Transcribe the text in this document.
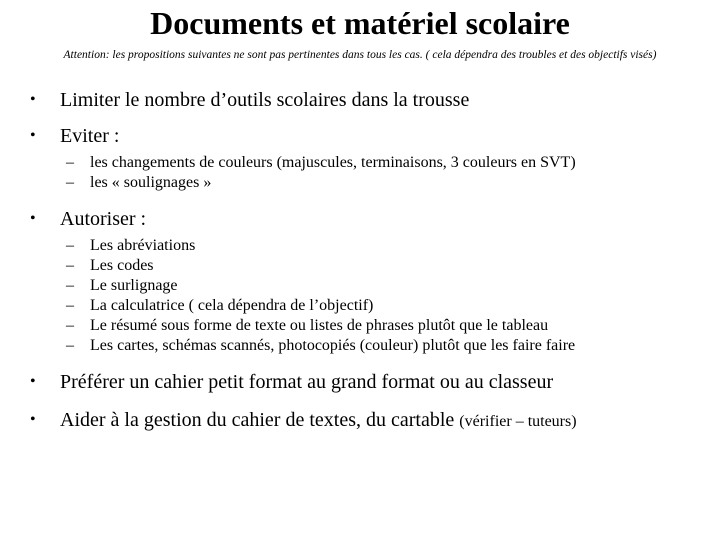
Documents et matériel scolaire
Attention: les propositions suivantes ne sont pas pertinentes dans tous les cas. ( cela dépendra des troubles et des objectifs visés)
• Limiter le nombre d’outils scolaires dans la trousse
• Eviter :
– les changements de couleurs (majuscules, terminaisons, 3 couleurs en SVT)
– les « soulignages »
• Autoriser :
– Les abréviations
– Les codes
– Le surlignage
– La calculatrice ( cela dépendra de l’objectif)
– Le résumé sous forme de texte ou listes de phrases plutôt que le tableau
– Les cartes, schémas scannés, photocopiés (couleur) plutôt que les faire faire
• Préférer un cahier petit format au grand format ou au classeur
• Aider à la gestion du cahier de textes, du cartable (vérifier – tuteurs)
